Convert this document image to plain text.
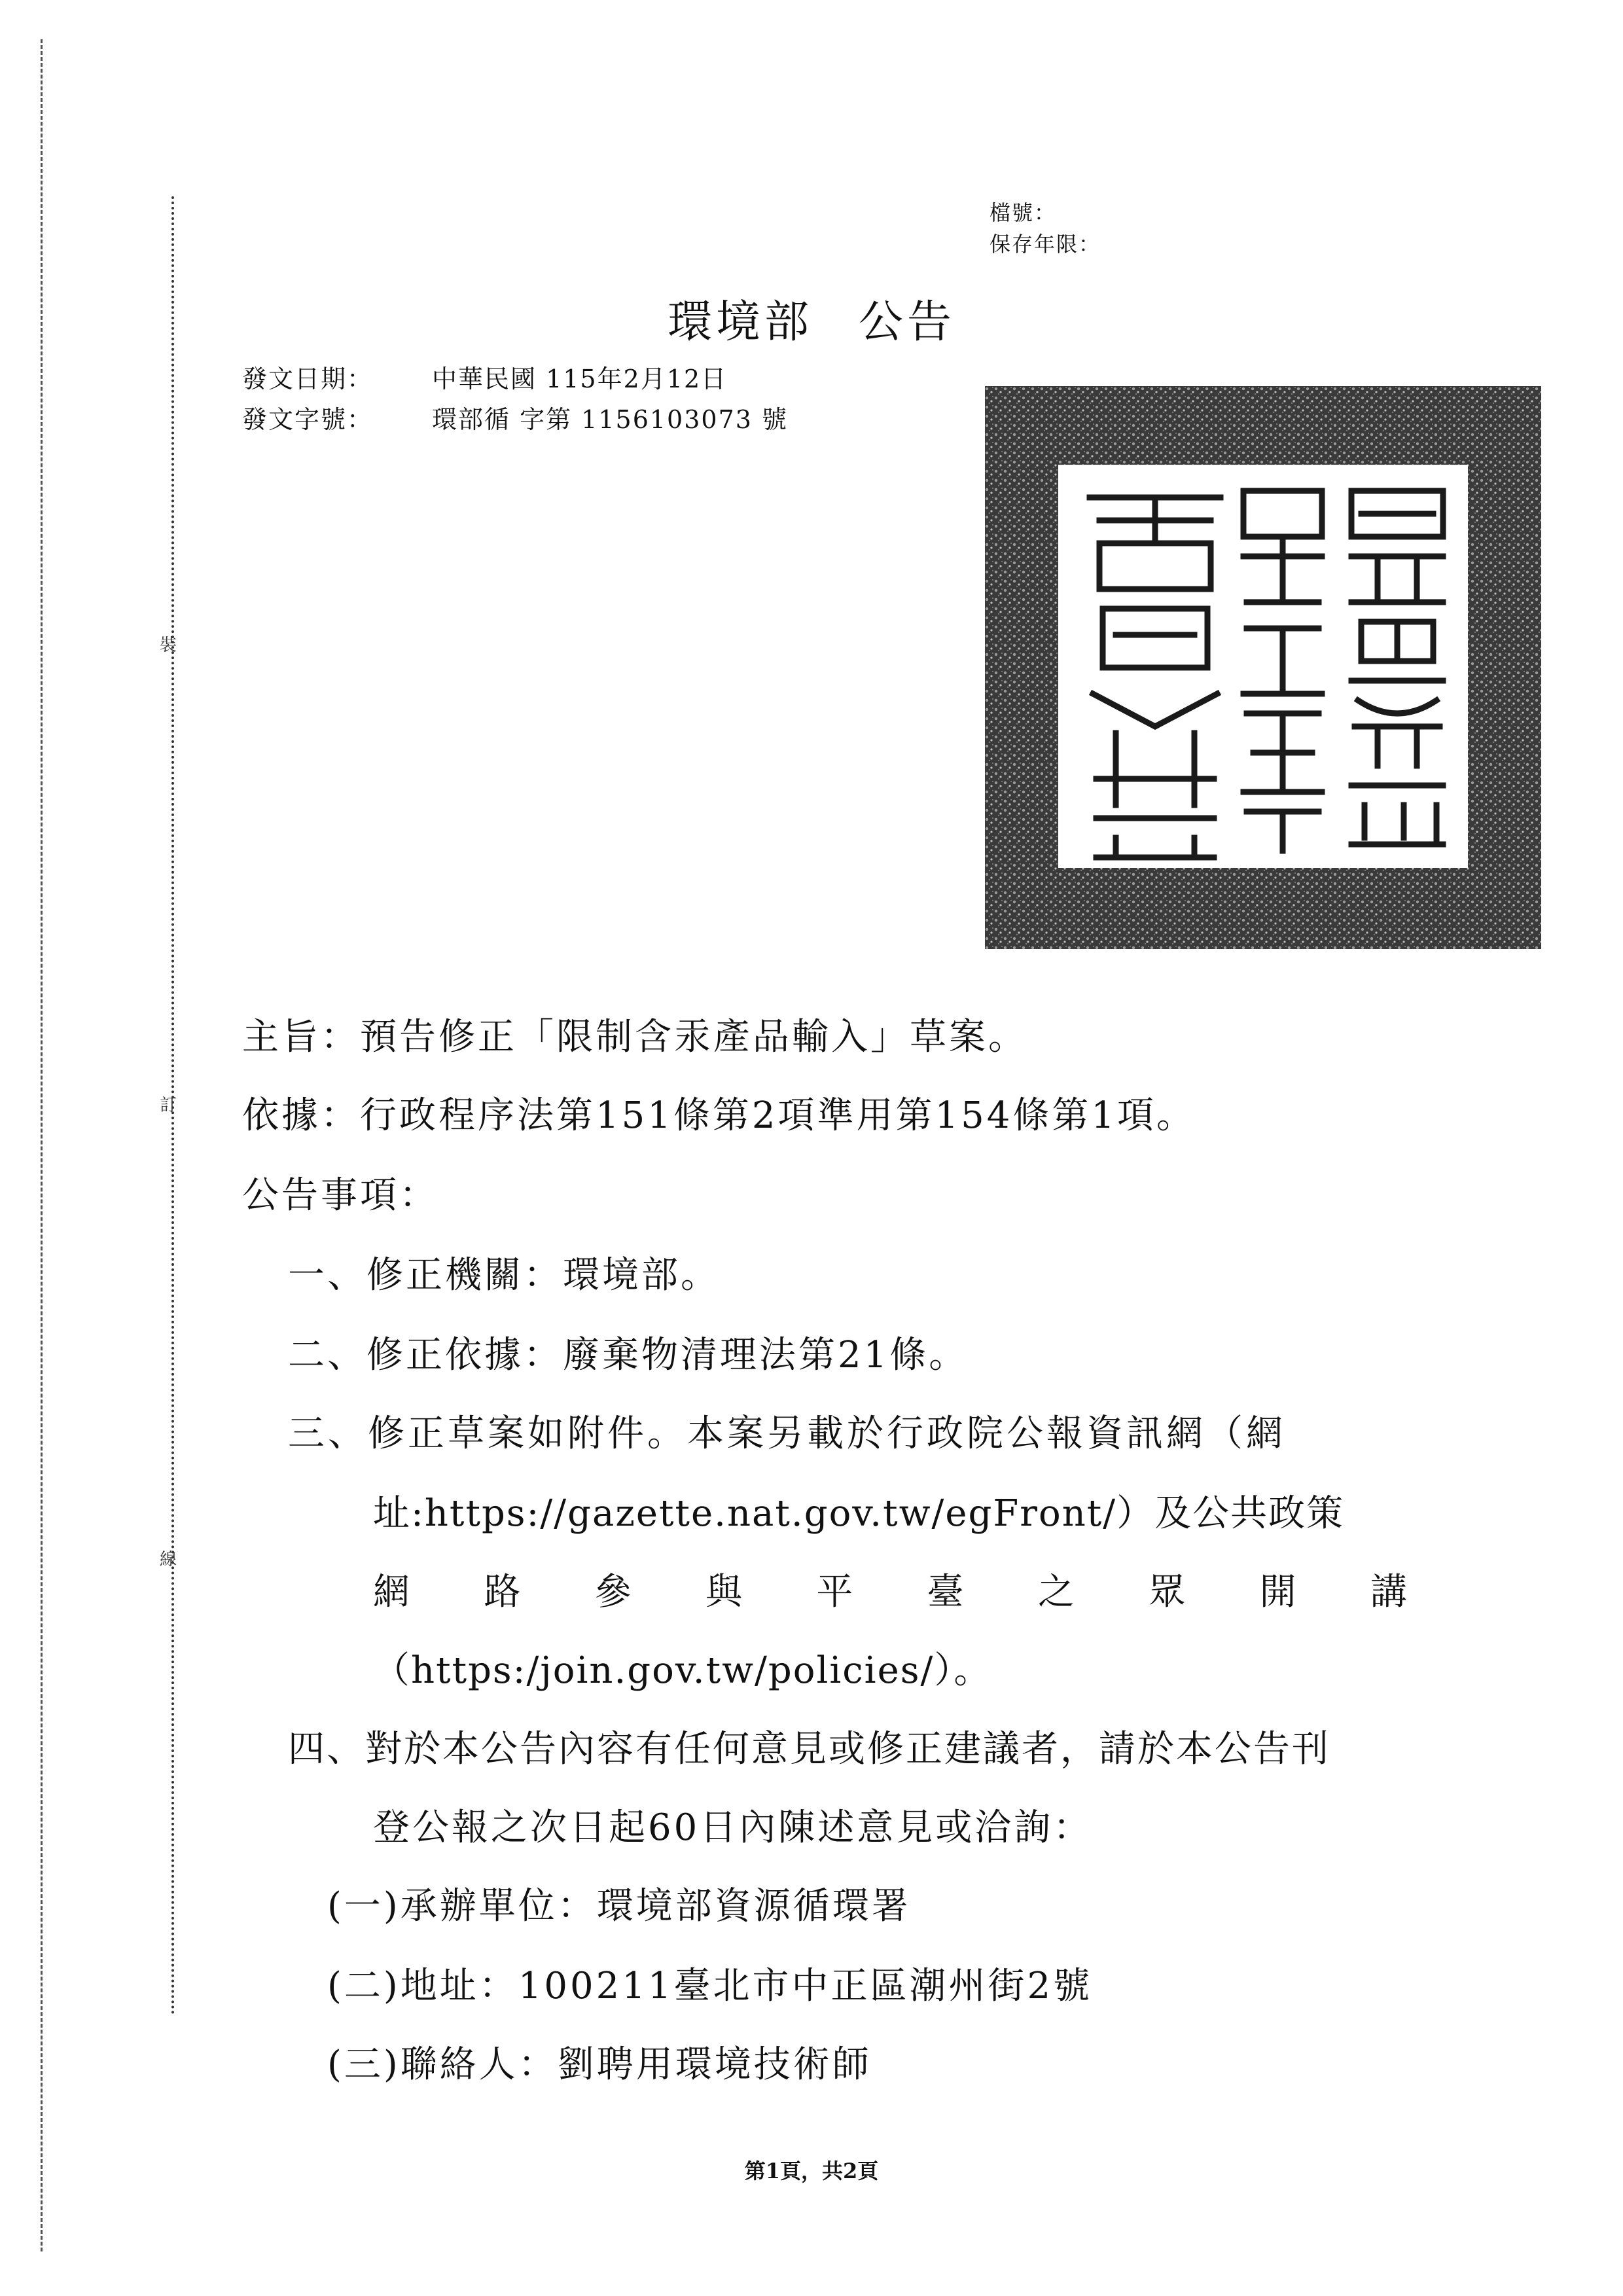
裝
訂
線
檔號：
保存年限：
環境部 公告
發文日期： 中華民國 115年2月12日
發文字號： 環部循 字第 1156103073 號
環境部印
主旨：預告修正「限制含汞產品輸入」草案。
依據：行政程序法第151條第2項準用第154條第1項。
公告事項：
一、修正機關：環境部。
二、修正依據：廢棄物清理法第21條。
三、修正草案如附件。本案另載於行政院公報資訊網（網
址:https://gazette.nat.gov.tw/egFront/）及公共政策
網 路 參 與 平 臺 之 眾 開 講
（https:/join.gov.tw/policies/）。
四、對於本公告內容有任何意見或修正建議者，請於本公告刊
登公報之次日起60日內陳述意見或洽詢：
(一)承辦單位：環境部資源循環署
(二)地址：100211臺北市中正區潮州街2號
(三)聯絡人：劉聘用環境技術師
第1頁，共2頁
